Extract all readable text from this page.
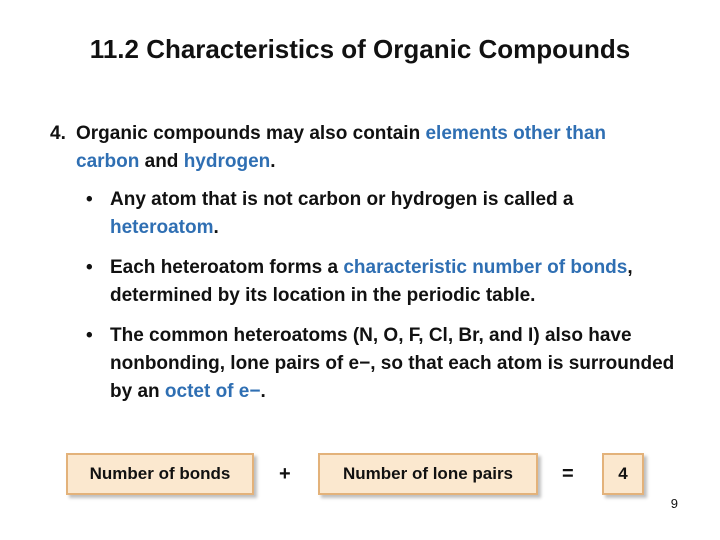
11.2 Characteristics of Organic Compounds
4. Organic compounds may also contain elements other than carbon and hydrogen.
• Any atom that is not carbon or hydrogen is called a heteroatom.
• Each heteroatom forms a characteristic number of bonds, determined by its location in the periodic table.
• The common heteroatoms (N, O, F, Cl, Br, and I) also have nonbonding, lone pairs of e−, so that each atom is surrounded by an octet of e−.
Number of bonds	+	Number of lone pairs	=	4
9
